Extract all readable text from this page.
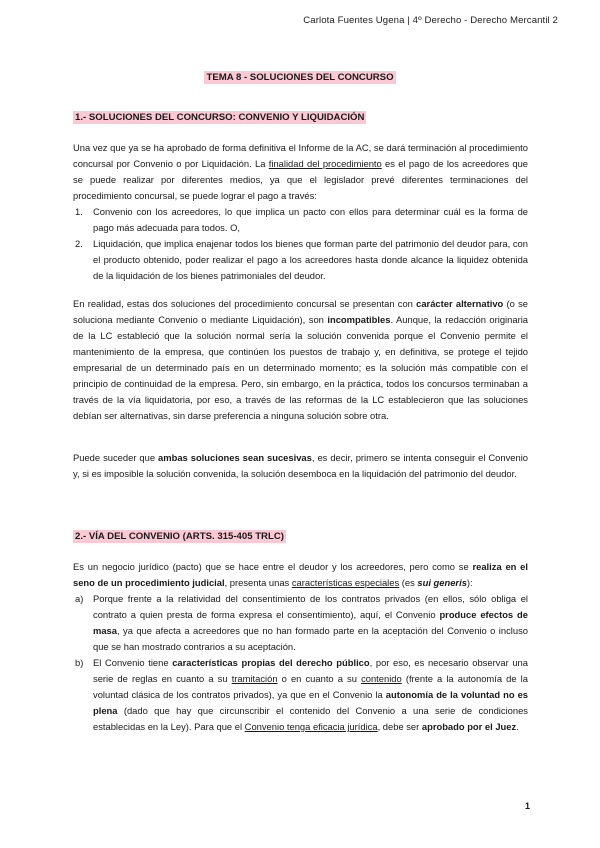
Carlota Fuentes Ugena | 4º Derecho - Derecho Mercantil 2
TEMA 8 - SOLUCIONES DEL CONCURSO
1.- SOLUCIONES DEL CONCURSO: CONVENIO Y LIQUIDACIÓN

Una vez que ya se ha aprobado de forma definitiva el Informe de la AC, se dará terminación al procedimiento concursal por Convenio o por Liquidación. La finalidad del procedimiento es el pago de los acreedores que se puede realizar por diferentes medios, ya que el legislador prevé diferentes terminaciones del procedimiento concursal, se puede lograr el pago a través:

1. Convenio con los acreedores, lo que implica un pacto con ellos para determinar cuál es la forma de pago más adecuada para todos. O,
2. Liquidación, que implica enajenar todos los bienes que forman parte del patrimonio del deudor para, con el producto obtenido, poder realizar el pago a los acreedores hasta donde alcance la liquidez obtenida de la liquidación de los bienes patrimoniales del deudor.

En realidad, estas dos soluciones del procedimiento concursal se presentan con carácter alternativo (o se soluciona mediante Convenio o mediante Liquidación), son incompatibles. Aunque, la redacción originaria de la LC estableció que la solución normal sería la solución convenida porque el Convenio permite el mantenimiento de la empresa, que continúen los puestos de trabajo y, en definitiva, se protege el tejido empresarial de un determinado país en un determinado momento; es la solución más compatible con el principio de continuidad de la empresa. Pero, sin embargo, en la práctica, todos los concursos terminaban a través de la vía liquidatoria, por eso, a través de las reformas de la LC establecieron que las soluciones debían ser alternativas, sin darse preferencia a ninguna solución sobre otra.

Puede suceder que ambas soluciones sean sucesivas, es decir, primero se intenta conseguir el Convenio y, si es imposible la solución convenida, la solución desemboca en la liquidación del patrimonio del deudor.

2.- VÍA DEL CONVENIO (ARTS. 315-405 TRLC)

Es un negocio jurídico (pacto) que se hace entre el deudor y los acreedores, pero como se realiza en el seno de un procedimiento judicial, presenta unas características especiales (es sui generis):

a) Porque frente a la relatividad del consentimiento de los contratos privados (en ellos, sólo obliga el contrato a quien presta de forma expresa el consentimiento), aquí, el Convenio produce efectos de masa, ya que afecta a acreedores que no han formado parte en la aceptación del Convenio o incluso que se han mostrado contrarios a su aceptación.
b) El Convenio tiene características propias del derecho público, por eso, es necesario observar una serie de reglas en cuanto a su tramitación o en cuanto a su contenido (frente a la autonomía de la voluntad clásica de los contratos privados), ya que en el Convenio la autonomía de la voluntad no es plena (dado que hay que circunscribir el contenido del Convenio a una serie de condiciones establecidas en la Ley). Para que el Convenio tenga eficacia jurídica, debe ser aprobado por el Juez.
1
